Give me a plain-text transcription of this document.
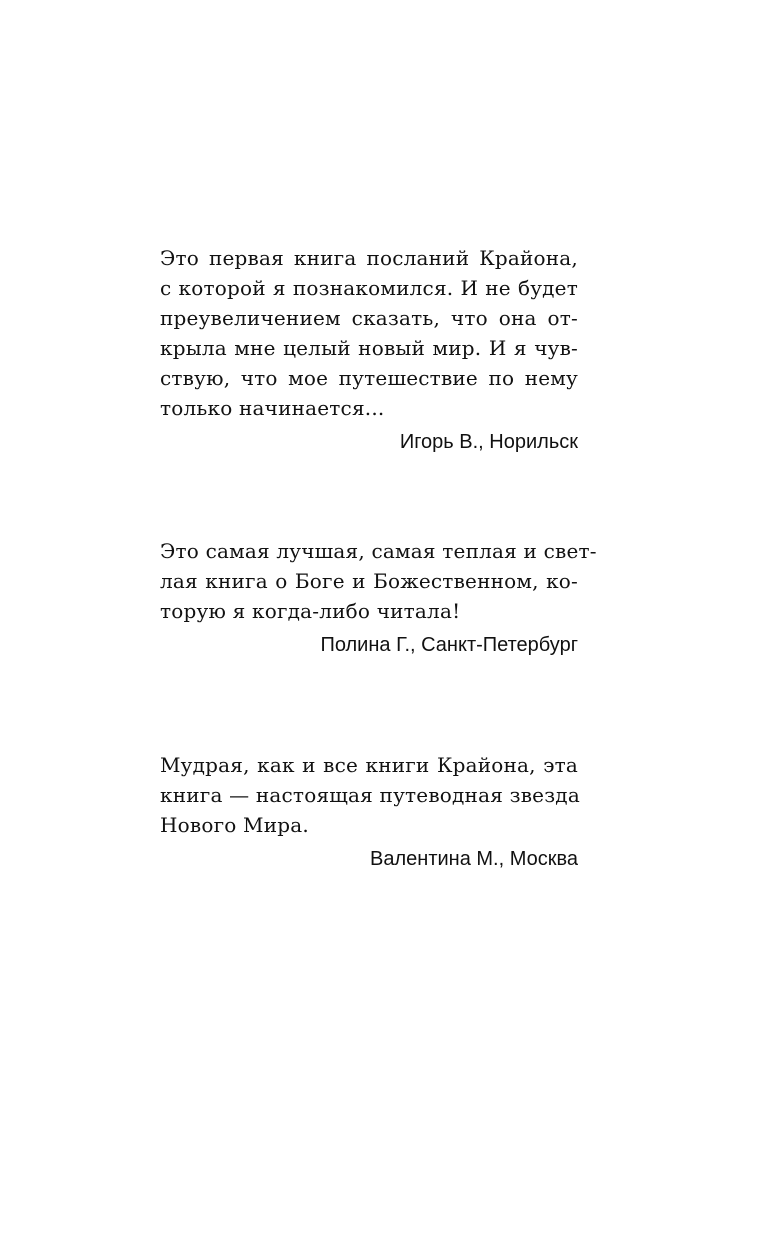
Это первая книга посланий Крайона,
с которой я познакомился. И не будет
преувеличением сказать, что она от-
крыла мне целый новый мир. И я чув-
ствую, что мое путешествие по нему
только начинается...
Игорь В., Норильск
Это самая лучшая, самая теплая и свет-
лая книга о Боге и Божественном, ко-
торую я когда-либо читала!
Полина Г., Санкт-Петербург
Мудрая, как и все книги Крайона, эта
книга — настоящая путеводная звезда
Нового Мира.
Валентина М., Москва
